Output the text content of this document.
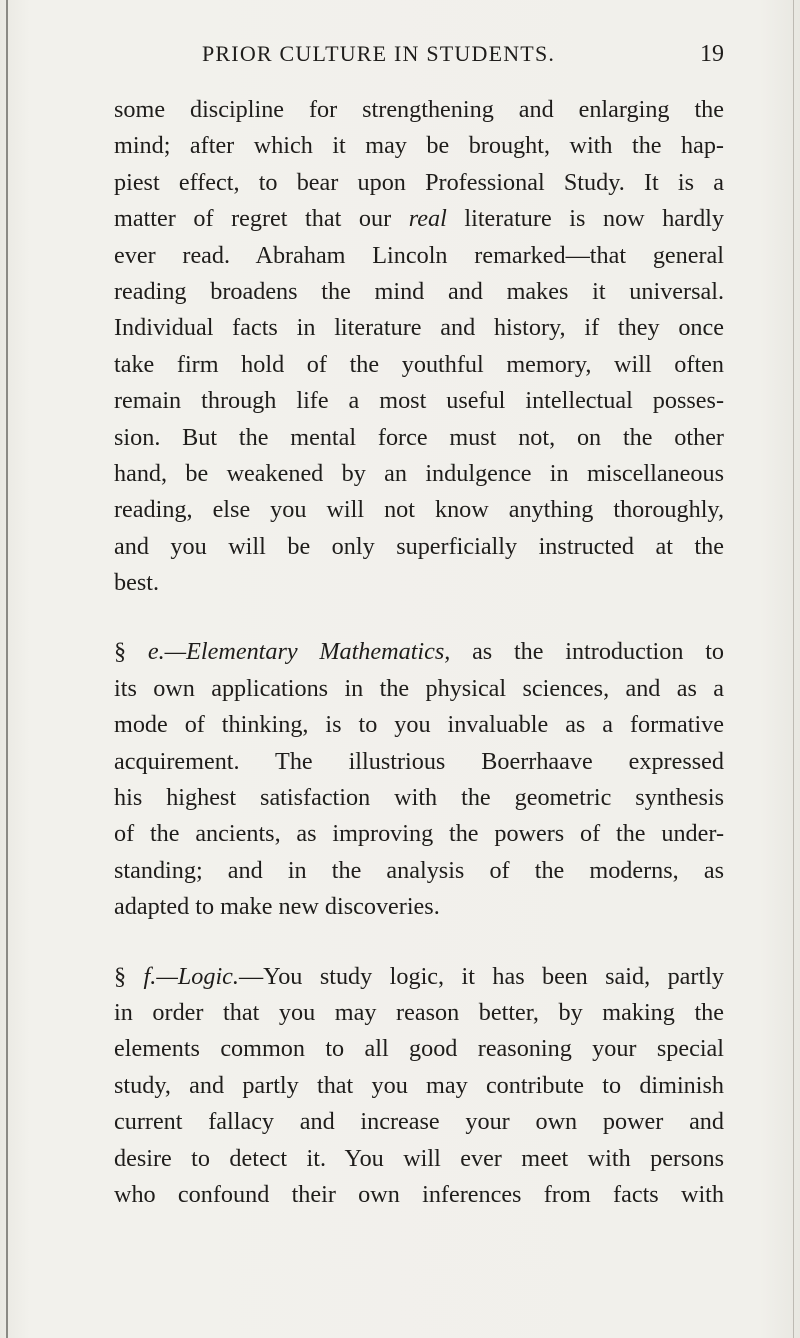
PRIOR CULTURE IN STUDENTS.	19
some discipline for strengthening and enlarging the
mind; after which it may be brought, with the hap-
piest effect, to bear upon Professional Study. It is a
matter of regret that our real literature is now hardly
ever read. Abraham Lincoln remarked—that general
reading broadens the mind and makes it universal.
Individual facts in literature and history, if they once
take firm hold of the youthful memory, will often
remain through life a most useful intellectual posses-
sion. But the mental force must not, on the other
hand, be weakened by an indulgence in miscellaneous
reading, else you will not know anything thoroughly,
and you will be only superficially instructed at the
best.
§ e.—Elementary Mathematics, as the introduction to
its own applications in the physical sciences, and as a
mode of thinking, is to you invaluable as a formative
acquirement. The illustrious Boerrhaave expressed
his highest satisfaction with the geometric synthesis
of the ancients, as improving the powers of the under-
standing; and in the analysis of the moderns, as
adapted to make new discoveries.
§ f.—Logic.—You study logic, it has been said, partly
in order that you may reason better, by making the
elements common to all good reasoning your special
study, and partly that you may contribute to diminish
current fallacy and increase your own power and
desire to detect it. You will ever meet with persons
who confound their own inferences from facts with
